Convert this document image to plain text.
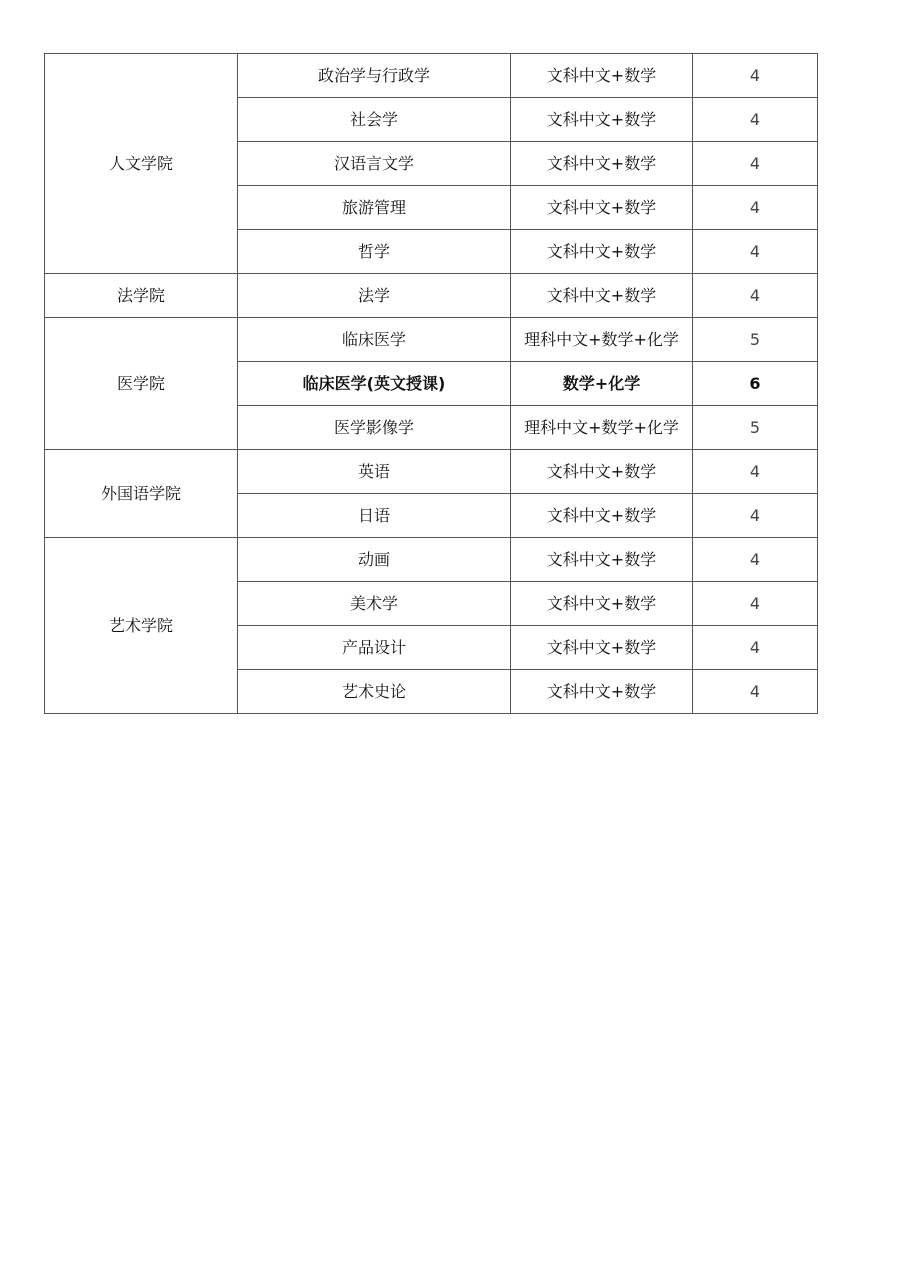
人文学院	政治学与行政学	文科中文+数学	4
	社会学	文科中文+数学	4
	汉语言文学	文科中文+数学	4
	旅游管理	文科中文+数学	4
	哲学	文科中文+数学	4
法学院	法学	文科中文+数学	4
医学院	临床医学	理科中文+数学+化学	5
	临床医学(英文授课)	数学+化学	6
	医学影像学	理科中文+数学+化学	5
外国语学院	英语	文科中文+数学	4
	日语	文科中文+数学	4
艺术学院	动画	文科中文+数学	4
	美术学	文科中文+数学	4
	产品设计	文科中文+数学	4
	艺术史论	文科中文+数学	4
